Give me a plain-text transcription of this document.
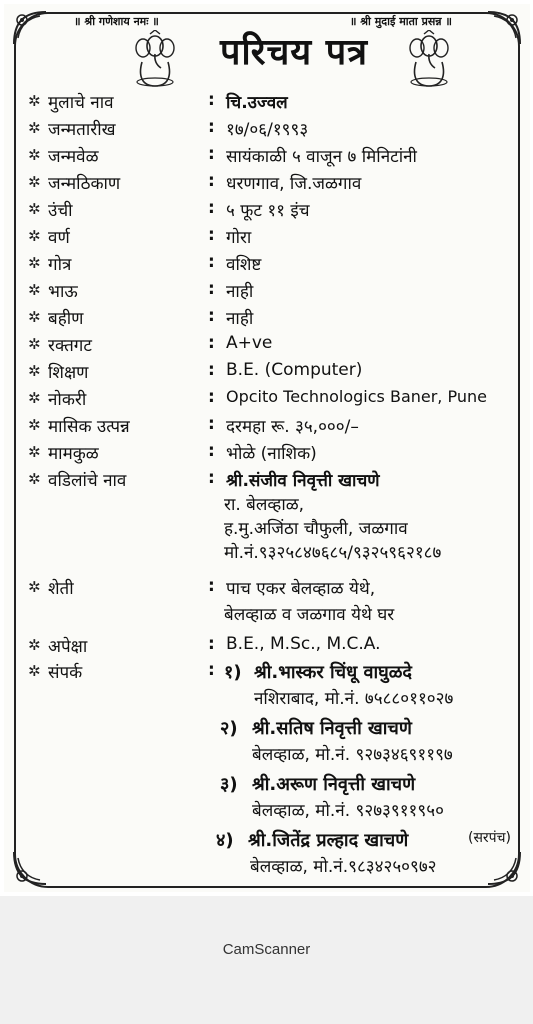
॥ श्री गणेशाय नमः ॥	॥ श्री मुदाई माता प्रसन्न ॥
परिचय पत्र
✲ मुलाचे नाव	: चि.उज्वल
✲ जन्मतारीख	: १७/०६/१९९३
✲ जन्मवेळ	: सायंकाळी ५ वाजून ७ मिनिटांनी
✲ जन्मठिकाण	: धरणगाव, जि.जळगाव
✲ उंची	: ५ फूट ११ इंच
✲ वर्ण	: गोरा
✲ गोत्र	: वशिष्ट
✲ भाऊ	: नाही
✲ बहीण	: नाही
✲ रक्तगट	: A+ve
✲ शिक्षण	: B.E. (Computer)
✲ नोकरी	: Opcito Technologics Baner, Pune
✲ मासिक उत्पन्न	: दरमहा रू. ३५,०००/–
✲ मामकुळ	: भोळे (नाशिक)
✲ वडिलांचे नाव	: श्री.संजीव निवृत्ती खाचणे
रा. बेलव्हाळ,
ह.मु.अजिंठा चौफुली, जळगाव
मो.नं.९३२५८४७६८५/९३२५९६२१८७
✲ शेती	: पाच एकर बेलव्हाळ येथे,
बेलव्हाळ व जळगाव येथे घर
✲ अपेक्षा	: B.E., M.Sc., M.C.A.
✲ संपर्क	: १) श्री.भास्कर चिंधू वाघुळदे
नशिराबाद, मो.नं. ७५८८०११०२७
२) श्री.सतिष निवृत्ती खाचणे
बेलव्हाळ, मो.नं. ९२७३४६९११९७
३) श्री.अरूण निवृत्ती खाचणे
बेलव्हाळ, मो.नं. ९२७३९११९५०
४) श्री.जितेंद्र प्रल्हाद खाचणे	(सरपंच)
बेलव्हाळ, मो.नं.९८३४२५०९७२
CamScanner
